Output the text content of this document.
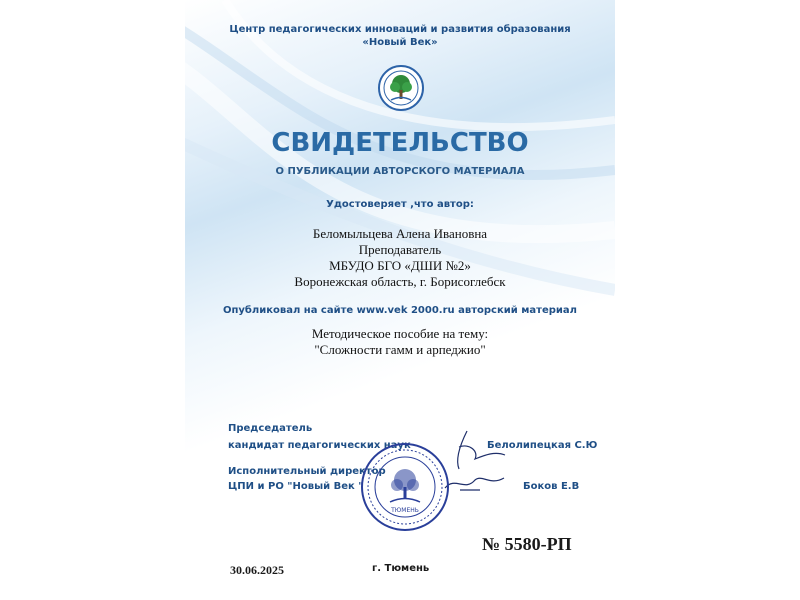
Центр педагогических инноваций и развития образования
«Новый Век»
СВИДЕТЕЛЬСТВО
О ПУБЛИКАЦИИ АВТОРСКОГО МАТЕРИАЛА
Удостоверяет ,что автор:
Беломыльцева Алена Ивановна
Преподаватель
МБУДО БГО «ДШИ №2»
Воронежская область, г. Борисоглебск
Опубликовал на сайте www.vek 2000.ru авторский материал
Методическое пособие на тему:
"Сложности гамм и арпеджио"
Председатель
кандидат педагогических наук	Белолипецкая С.Ю
Исполнительный директор
ЦПИ и РО "Новый Век "	Боков Е.В
ТЮМЕНЬ
№ 5580-РП
30.06.2025	г. Тюмень
